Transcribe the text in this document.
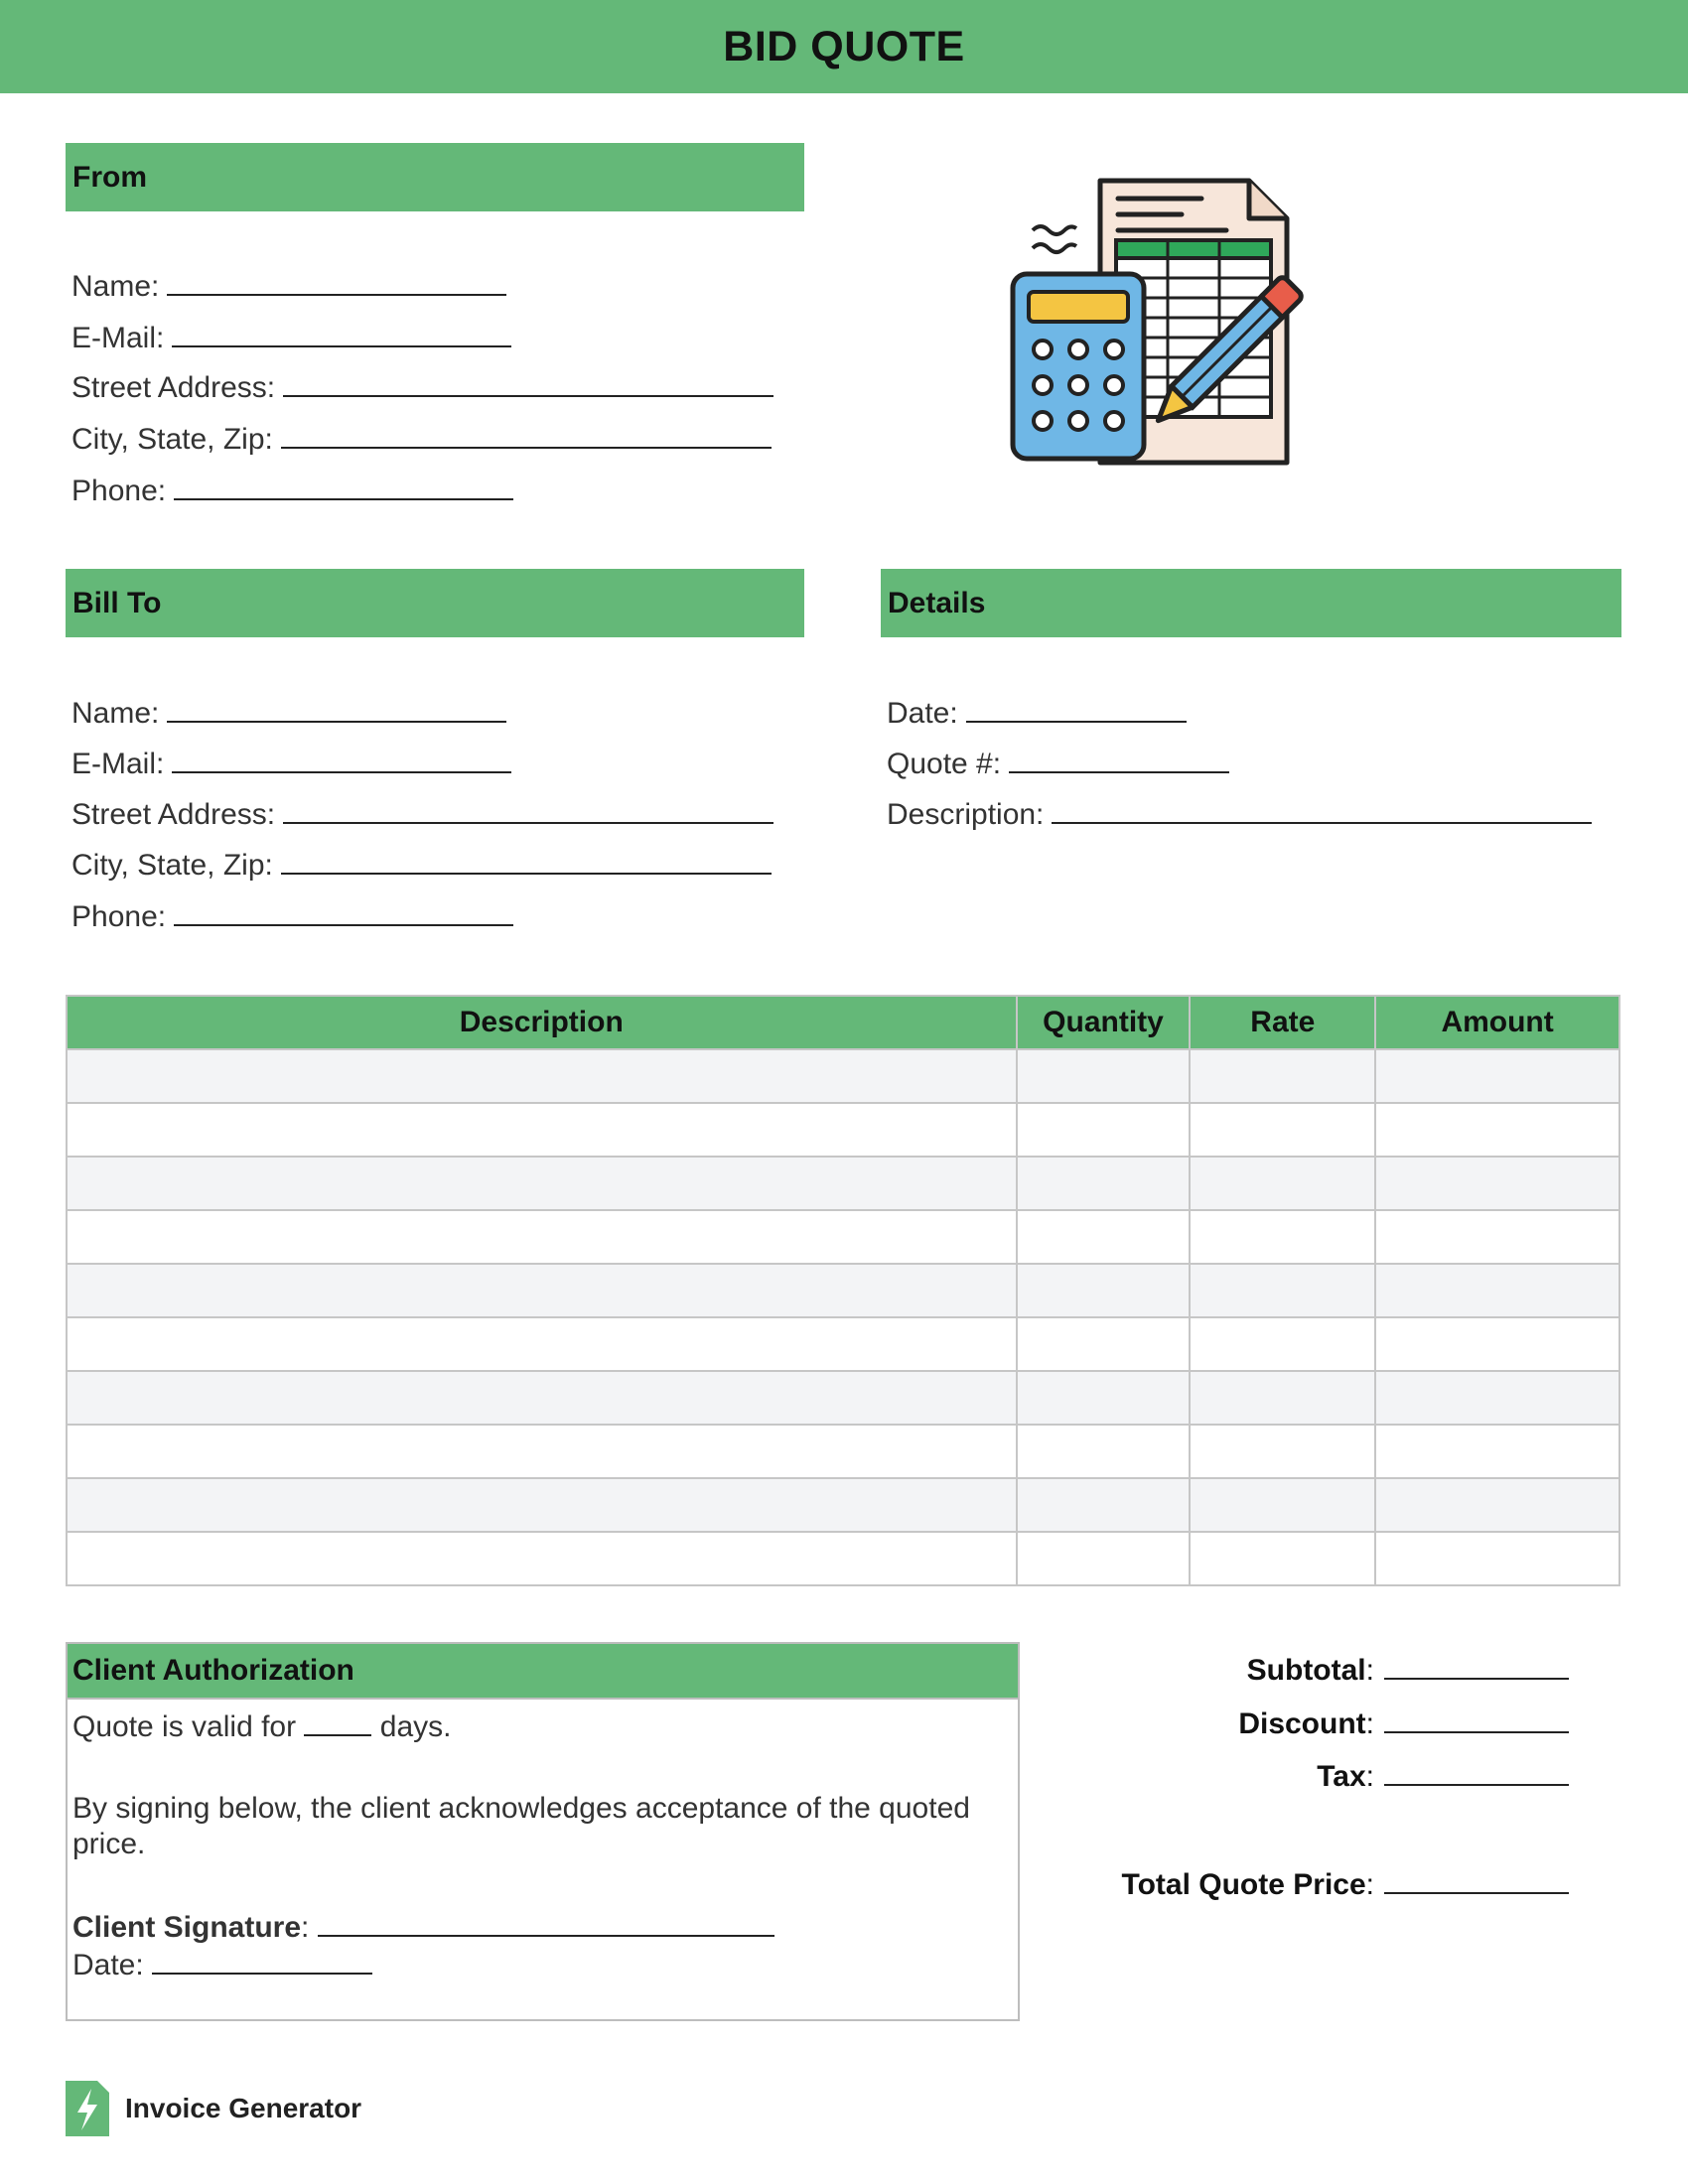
BID QUOTE
From
Name:
E-Mail:
Street Address:
City, State, Zip:
Phone:
Bill To
Name:
E-Mail:
Street Address:
City, State, Zip:
Phone:
Details
Date:
Quote #:
Description:
Description	Quantity	Rate	Amount

Client Authorization
Quote is valid for	days.
By signing below, the client acknowledges acceptance of the quoted price.
Client Signature:
Date:
Subtotal :
Discount :
Tax :
Total Quote Price :
Invoice Generator
